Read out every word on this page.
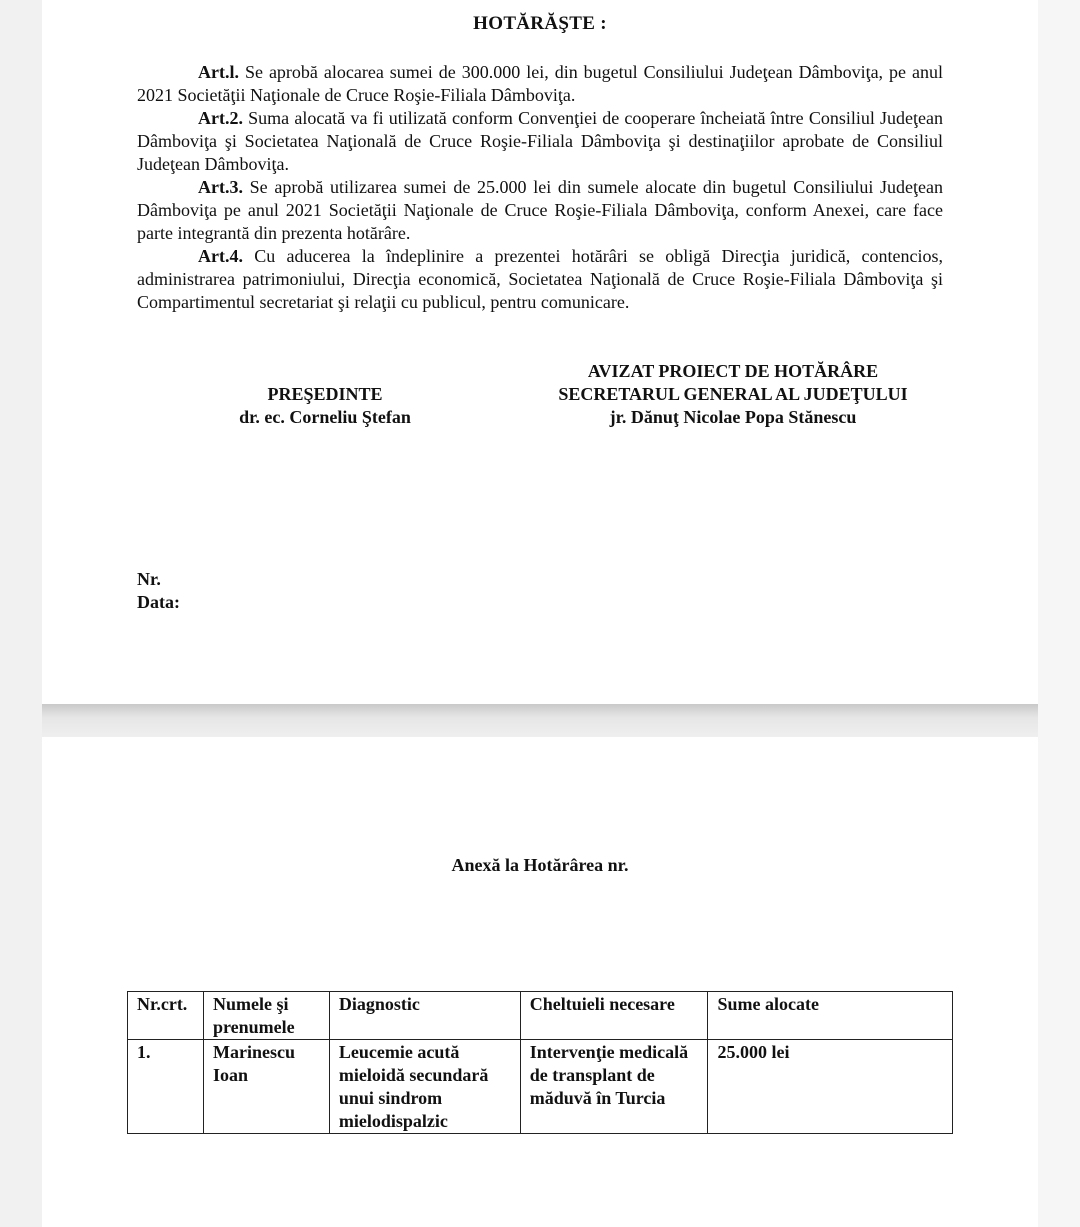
HOTĂRĂŞTE :

Art.l. Se aprobă alocarea sumei de 300.000 lei, din bugetul Consiliului Judeţean Dâmboviţa, pe anul 2021 Societăţii Naţionale de Cruce Roşie-Filiala Dâmboviţa.

Art.2. Suma alocată va fi utilizată conform Convenţiei de cooperare încheiată între Consiliul Judeţean Dâmboviţa şi Societatea Naţională de Cruce Roşie-Filiala Dâmboviţa şi destinaţiilor aprobate de Consiliul Judeţean Dâmboviţa.

Art.3. Se aprobă utilizarea sumei de 25.000 lei din sumele alocate din bugetul Consiliului Judeţean Dâmboviţa pe anul 2021 Societăţii Naţionale de Cruce Roşie-Filiala Dâmboviţa, conform Anexei, care face parte integrantă din prezenta hotărâre.

Art.4. Cu aducerea la îndeplinire a prezentei hotărâri se obligă Direcţia juridică, contencios, administrarea patrimoniului, Direcţia economică, Societatea Naţională de Cruce Roşie-Filiala Dâmboviţa şi Compartimentul secretariat şi relaţii cu publicul, pentru comunicare.

PREŞEDINTE
dr. ec. Corneliu Ştefan
AVIZAT PROIECT DE HOTĂRÂRE
SECRETARUL GENERAL AL JUDEŢULUI
jr. Dănuţ Nicolae Popa Stănescu
Nr.
Data:
Anexă la Hotărârea nr.
Nr.crt.	Numele şi prenumele	Diagnostic	Cheltuieli necesare	Sume alocate
1.	Marinescu Ioan	Leucemie acută mieloidă secundară unui sindrom mielodispalzic	Intervenţie medicală de transplant de măduvă în Turcia	25.000 lei
